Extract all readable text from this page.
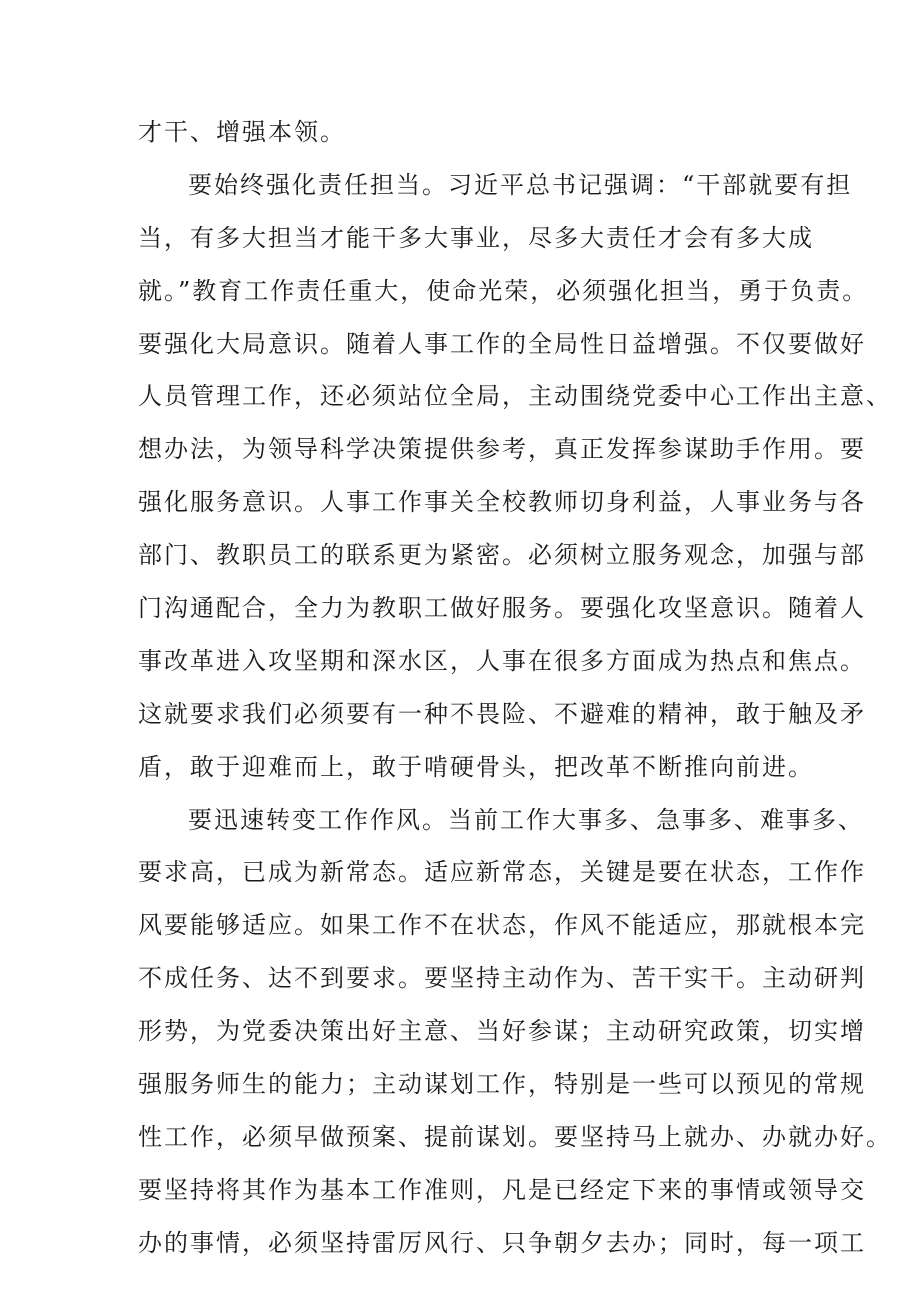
才干、增强本领。
要始终强化责任担当。习近平总书记强调：“干部就要有担
当，有多大担当才能干多大事业，尽多大责任才会有多大成
就。”教育工作责任重大，使命光荣，必须强化担当，勇于负责。
要强化大局意识。随着人事工作的全局性日益增强。不仅要做好
人员管理工作，还必须站位全局，主动围绕党委中心工作出主意、
想办法，为领导科学决策提供参考，真正发挥参谋助手作用。要
强化服务意识。人事工作事关全校教师切身利益，人事业务与各
部门、教职员工的联系更为紧密。必须树立服务观念，加强与部
门沟通配合，全力为教职工做好服务。要强化攻坚意识。随着人
事改革进入攻坚期和深水区，人事在很多方面成为热点和焦点。
这就要求我们必须要有一种不畏险、不避难的精神，敢于触及矛
盾，敢于迎难而上，敢于啃硬骨头，把改革不断推向前进。
要迅速转变工作作风。当前工作大事多、急事多、难事多、
要求高，已成为新常态。适应新常态，关键是要在状态，工作作
风要能够适应。如果工作不在状态，作风不能适应，那就根本完
不成任务、达不到要求。要坚持主动作为、苦干实干。主动研判
形势，为党委决策出好主意、当好参谋；主动研究政策，切实增
强服务师生的能力；主动谋划工作，特别是一些可以预见的常规
性工作，必须早做预案、提前谋划。要坚持马上就办、办就办好。
要坚持将其作为基本工作准则，凡是已经定下来的事情或领导交
办的事情，必须坚持雷厉风行、只争朝夕去办；同时，每一项工
